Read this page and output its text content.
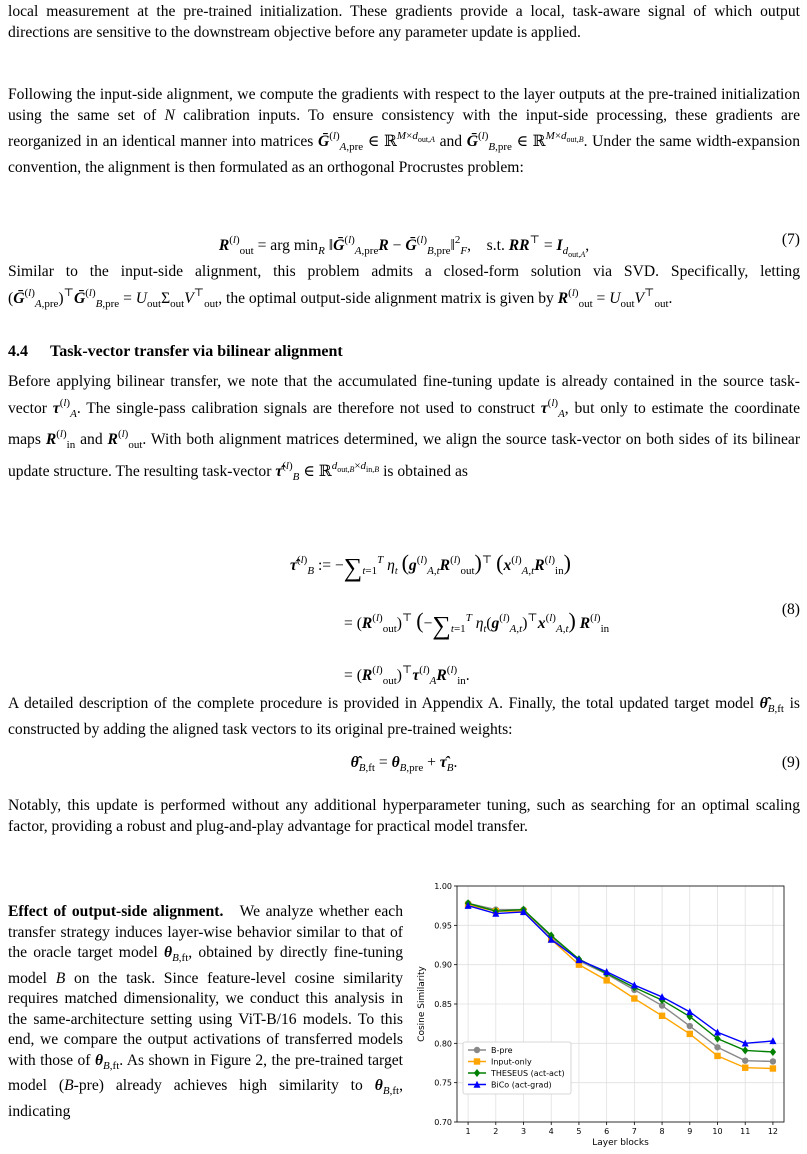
local measurement at the pre-trained initialization. These gradients provide a local, task-aware signal of which output directions are sensitive to the downstream objective before any parameter update is applied.

Following the input-side alignment, we compute the gradients with respect to the layer outputs at the pre-trained initialization using the same set of N calibration inputs. To ensure consistency with the input-side processing, these gradients are reorganized in an identical manner into matrices Ḡ$^{(l)}_{A,pre}$ ∈ ℝ$^{M\times d_{out,A}}$ and Ḡ$^{(l)}_{B,pre}$ ∈ ℝ$^{M\times d_{out,B}}$. Under the same width-expansion convention, the alignment is then formulated as an orthogonal Procrustes problem:

$R^{(l)}_{out}$ = arg $\min_R$ ‖Ḡ$^{(l)}_{A,pre}$R − Ḡ$^{(l)}_{B,pre}$‖$^2_F$,    s.t. $RR^⊤ = I_{d_{out,A}}$,	(7)

Similar to the input-side alignment, this problem admits a closed-form solution via SVD. Specifically, letting (Ḡ$^{(l)}_{A,pre}$)⊤Ḡ$^{(l)}_{B,pre}$ = $U_{out}\Sigma_{out}V^⊤_{out}$, the optimal output-side alignment matrix is given by $R^{(l)}_{out} = U_{out}V^⊤_{out}$.

4.4 Task-vector transfer via bilinear alignment

Before applying bilinear transfer, we note that the accumulated fine-tuning update is already contained in the source task-vector $\tau^{(l)}_A$. The single-pass calibration signals are therefore not used to construct $\tau^{(l)}_A$, but only to estimate the coordinate maps $R^{(l)}_{in}$ and $R^{(l)}_{out}$. With both alignment matrices determined, we align the source task-vector on both sides of its bilinear update structure. The resulting task-vector τ̂$^{(l)}_B$ ∈ ℝ$^{d_{out,B}\times d_{in,B}}$ is obtained as

τ̂$^{(l)}_B$ := $-\sum_{t=1}^T$ $\eta_t$ $(g^{(l)}_{A,t}R^{(l)}_{out})^⊤$ $(x^{(l)}_{A,t}R^{(l)}_{in})$
= $(R^{(l)}_{out})^⊤$ ($-\sum_{t=1}^T$ $\eta_t(g^{(l)}_{A,t})^⊤x^{(l)}_{A,t}$) $R^{(l)}_{in}$
= $(R^{(l)}_{out})^⊤\tau^{(l)}_AR^{(l)}_{in}$.
(8)

A detailed description of the complete procedure is provided in Appendix A. Finally, the total updated target model $\thetâ_{B,ft}$ is constructed by adding the aligned task vectors to its original pre-trained weights:

$\thetâ_{B,ft} = \theta_{B,pre}$ + $\taû_B$.	(9)

Notably, this update is performed without any additional hyperparameter tuning, such as searching for an optimal scaling factor, providing a robust and plug-and-play advantage for practical model transfer.

Effect of output-side alignment. We analyze whether each transfer strategy induces layer-wise behavior similar to that of the oracle target model $\theta_{B,ft}$, obtained by directly fine-tuning model B on the task. Since feature-level cosine similarity requires matched dimensionality, we conduct this analysis in the same-architecture setting using ViT-B/16 models. To this end, we compare the output activations of transferred models with those of $\theta_{B,ft}$. As shown in Figure 2, the pre-trained target model (B-pre) already achieves high similarity to $\theta_{B,ft}$, indicating

0.70
0.75
0.80
0.85
0.90
0.95
1.00
1	2	3	4	5	6	7	8	9	10 11 12
Layer blocks
Cosine Similarity
B-pre
Input-only
THESEUS (act-act)
BiCo (act-grad)
